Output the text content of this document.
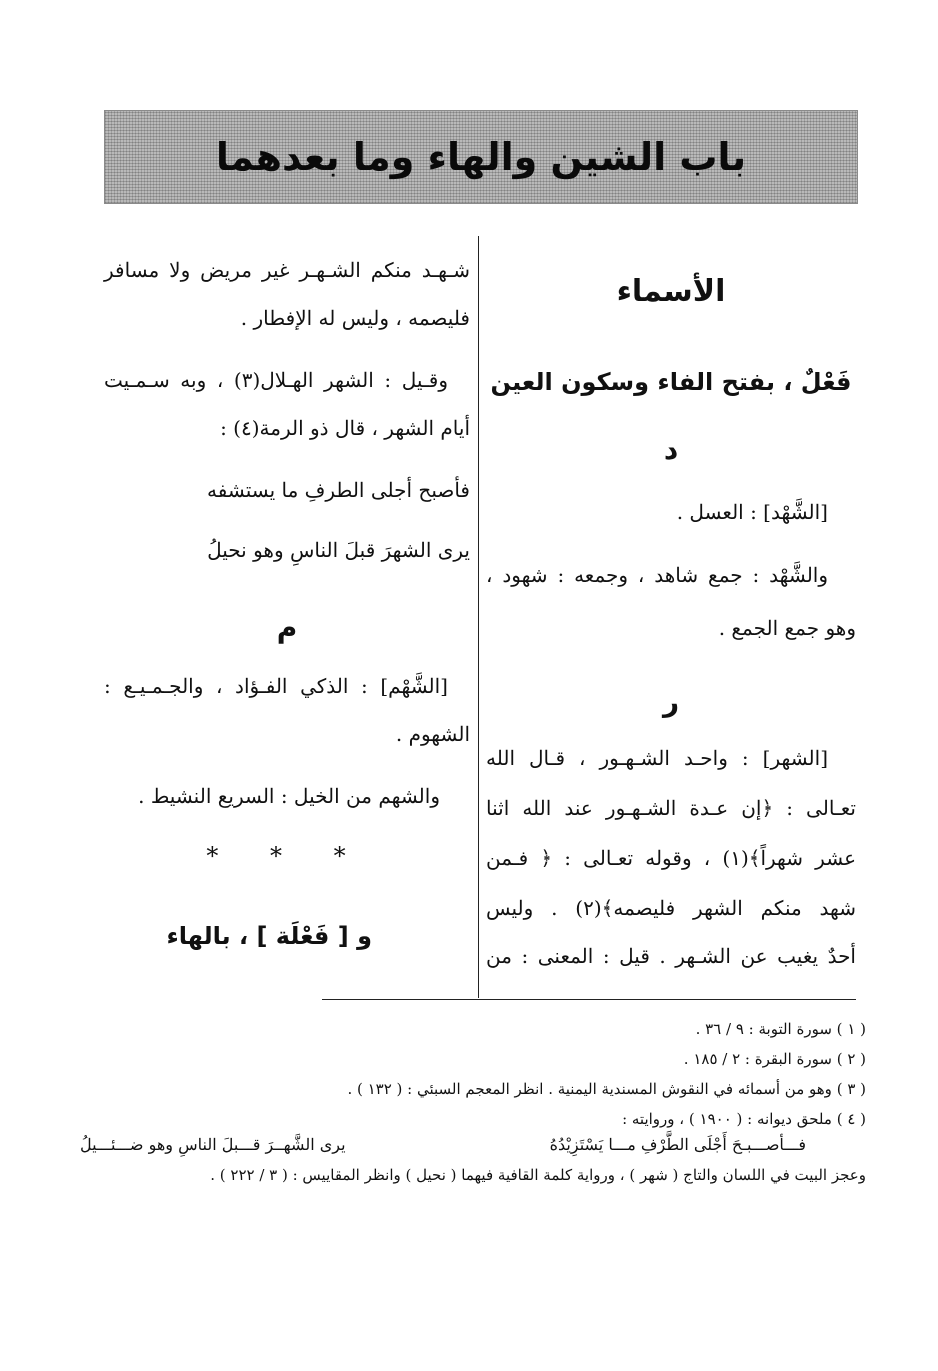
باب الشين والهاء وما بعدهما
الأسماء
فَعْلٌ ، بفتح الفاء وسكون العين
د
[الشَّهْد] : العسل .
والشَّهْد : جمع شاهد ، وجمعه : شهود ،
وهو جمع الجمع .
ر
[الشهر] : واحـد الشـهـور ، قـال الله
تعـالى : ﴿إن عـدة الشـهـور عند الله اثنا
عشر شهراً﴾(١) ، وقوله تعـالى : ﴿ فـمن
شهد منكم الشهر فليصمه﴾(٢) . وليس
أحدٌ يغيب عن الشـهر . قيل : المعنى : من
شـهـد منكم الشـهـر غير مريض ولا مسافر
فليصمه ، وليس له الإفطار .
وقـيل : الشهر الهـلال(٣) ، وبه سـمـيت
أيام الشهر ، قال ذو الرمة(٤) :
فأصبح أجلى الطرفِ ما يستشفه
يرى الشهرَ قبلَ الناسِ وهو نحيلُ
م
[الشَّهْم] : الذكي الفـؤاد ، والجـمـيـع :
الشهوم .
والشهم من الخيل : السريع النشيط .
* * *
و [ فَعْلَة ] ، بالهاء
( ١ ) سورة التوبة : ٩ / ٣٦ .
( ٢ ) سورة البقرة : ٢ / ١٨٥ .
( ٣ ) وهو من أسمائه في النقوش المسندية اليمنية . انظر المعجم السبئي : ( ١٣٢ ) .
( ٤ ) ملحق ديوانه : ( ١٩٠٠ ) ، وروايته :
فـــأصـــبـحَ أَجْلَى الطَّرْفِ مـــا يَسْتَزِيْدُهُ
يرى الشَّهــرَ قـــبلَ الناسِ وهو ضـــئـــيلُ
وعجز البيت في اللسان والتاج ( شهر ) ، ورواية كلمة القافية فيهما ( نحيل ) وانظر المقاييس : ( ٣ / ٢٢٢ ) .
